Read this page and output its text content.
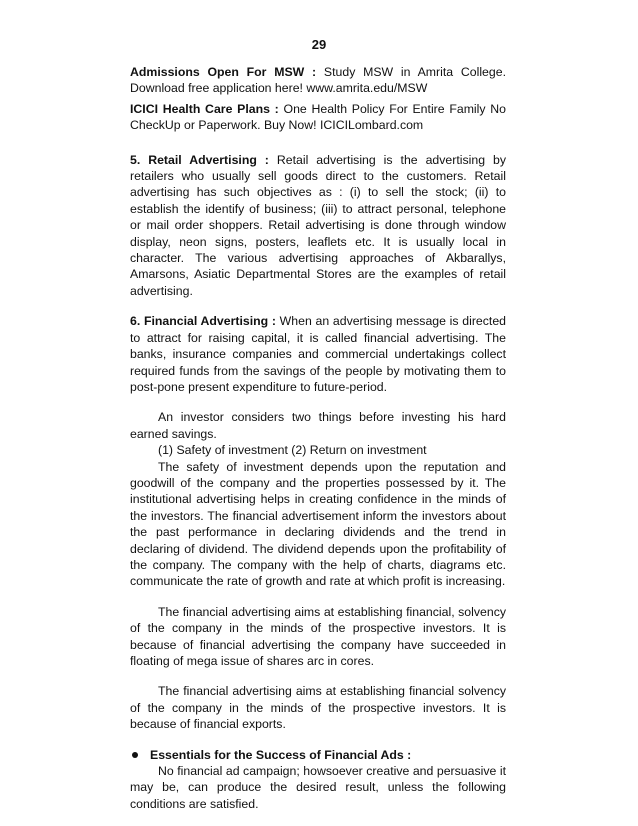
29

Admissions Open For MSW : Study MSW in Amrita College. Download free application here! www.amrita.edu/MSW

ICICI Health Care Plans : One Health Policy For Entire Family No CheckUp or Paperwork. Buy Now! ICICILombard.com

5. Retail Advertising : Retail advertising is the advertising by retailers who usually sell goods direct to the customers. Retail advertising has such objectives as : (i) to sell the stock; (ii) to establish the identify of business; (iii) to attract personal, telephone or mail order shoppers. Retail advertising is done through window display, neon signs, posters, leaflets etc. It is usually local in character. The various advertising approaches of Akbarallys, Amarsons, Asiatic Departmental Stores are the examples of retail advertising.

6. Financial Advertising : When an advertising message is directed to attract for raising capital, it is called financial advertising. The banks, insurance companies and commercial undertakings collect required funds from the savings of the people by motivating them to post-pone present expenditure to future-period.

An investor considers two things before investing his hard earned savings.

(1) Safety of investment (2) Return on investment

The safety of investment depends upon the reputation and goodwill of the company and the properties possessed by it. The institutional advertising helps in creating confidence in the minds of the investors. The financial advertisement inform the investors about the past performance in declaring dividends and the trend in declaring of dividend. The dividend depends upon the profitability of the company. The company with the help of charts, diagrams etc. communicate the rate of growth and rate at which profit is increasing.

The financial advertising aims at establishing financial, solvency of the company in the minds of the prospective investors. It is because of financial advertising the company have succeeded in floating of mega issue of shares arc in cores.

The financial advertising aims at establishing financial solvency of the company in the minds of the prospective investors. It is because of financial exports.

Essentials for the Success of Financial Ads :

No financial ad campaign; howsoever creative and persuasive it may be, can produce the desired result, unless the following conditions are satisfied.
